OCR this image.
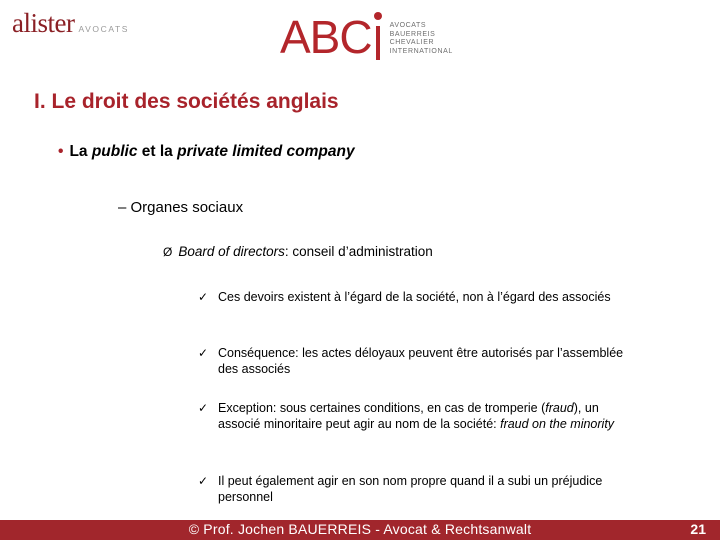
alister AVOCATS	ABC	AVOCATS
BAUERREIS
CHEVALIER
INTERNATIONAL
I. Le droit des sociétés anglais
• La public et la private limited company
– Organes sociaux
Ø Board of directors: conseil d’administration
✓ Ces devoirs existent à l’égard de la société, non à l’égard des associés
✓ Conséquence: les actes déloyaux peuvent être autorisés par l’assemblée des associés
✓ Exception: sous certaines conditions, en cas de tromperie (fraud), un associé minoritaire peut agir au nom de la société: fraud on the minority
✓ Il peut également agir en son nom propre quand il a subi un préjudice personnel
© Prof. Jochen BAUERREIS - Avocat & Rechtsanwalt	21
